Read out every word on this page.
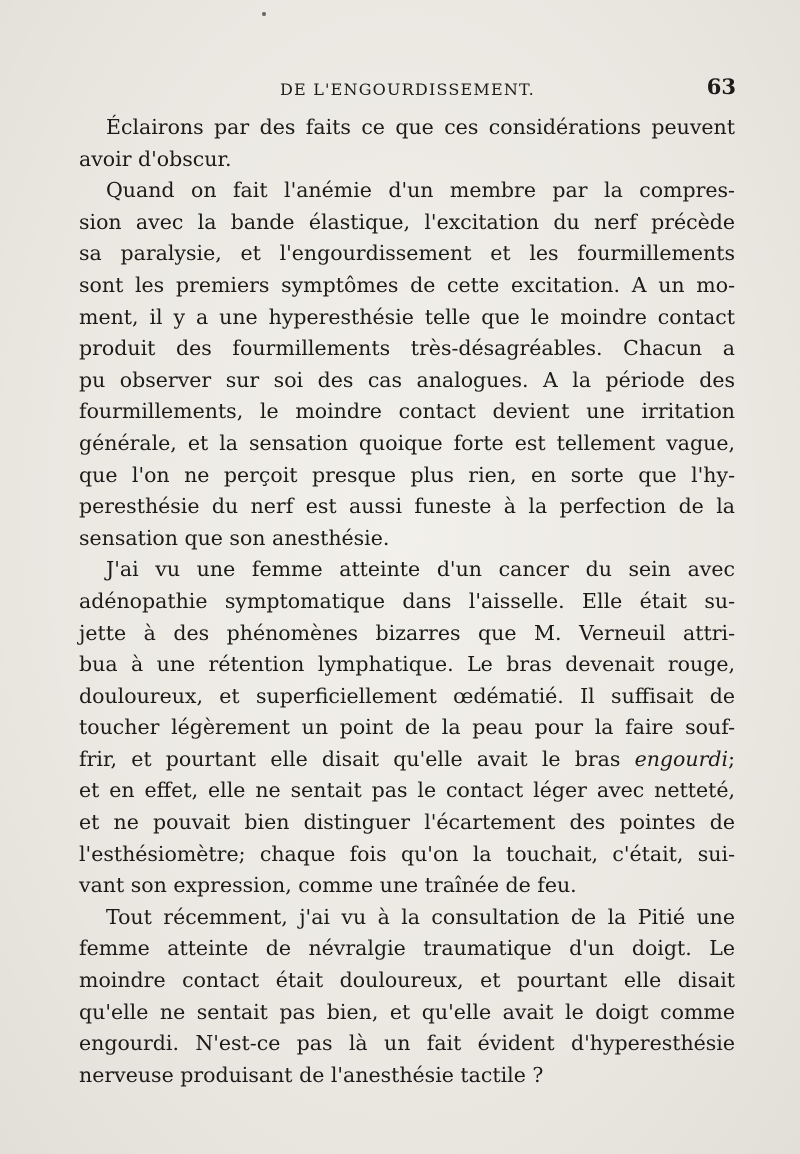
DE L'ENGOURDISSEMENT.	63
Éclairons par des faits ce que ces considérations peuvent
avoir d'obscur.
Quand on fait l'anémie d'un membre par la compres-
sion avec la bande élastique, l'excitation du nerf précède
sa paralysie, et l'engourdissement et les fourmillements
sont les premiers symptômes de cette excitation. A un mo-
ment, il y a une hyperesthésie telle que le moindre contact
produit des fourmillements très-désagréables. Chacun a
pu observer sur soi des cas analogues. A la période des
fourmillements, le moindre contact devient une irritation
générale, et la sensation quoique forte est tellement vague,
que l'on ne perçoit presque plus rien, en sorte que l'hy-
peresthésie du nerf est aussi funeste à la perfection de la
sensation que son anesthésie.
J'ai vu une femme atteinte d'un cancer du sein avec
adénopathie symptomatique dans l'aisselle. Elle était su-
jette à des phénomènes bizarres que M. Verneuil attri-
bua à une rétention lymphatique. Le bras devenait rouge,
douloureux, et superficiellement œdématié. Il suffisait de
toucher légèrement un point de la peau pour la faire souf-
frir, et pourtant elle disait qu'elle avait le bras engourdi;
et en effet, elle ne sentait pas le contact léger avec netteté,
et ne pouvait bien distinguer l'écartement des pointes de
l'esthésiomètre; chaque fois qu'on la touchait, c'était, sui-
vant son expression, comme une traînée de feu.
Tout récemment, j'ai vu à la consultation de la Pitié une
femme atteinte de névralgie traumatique d'un doigt. Le
moindre contact était douloureux, et pourtant elle disait
qu'elle ne sentait pas bien, et qu'elle avait le doigt comme
engourdi. N'est-ce pas là un fait évident d'hyperesthésie
nerveuse produisant de l'anesthésie tactile ?
